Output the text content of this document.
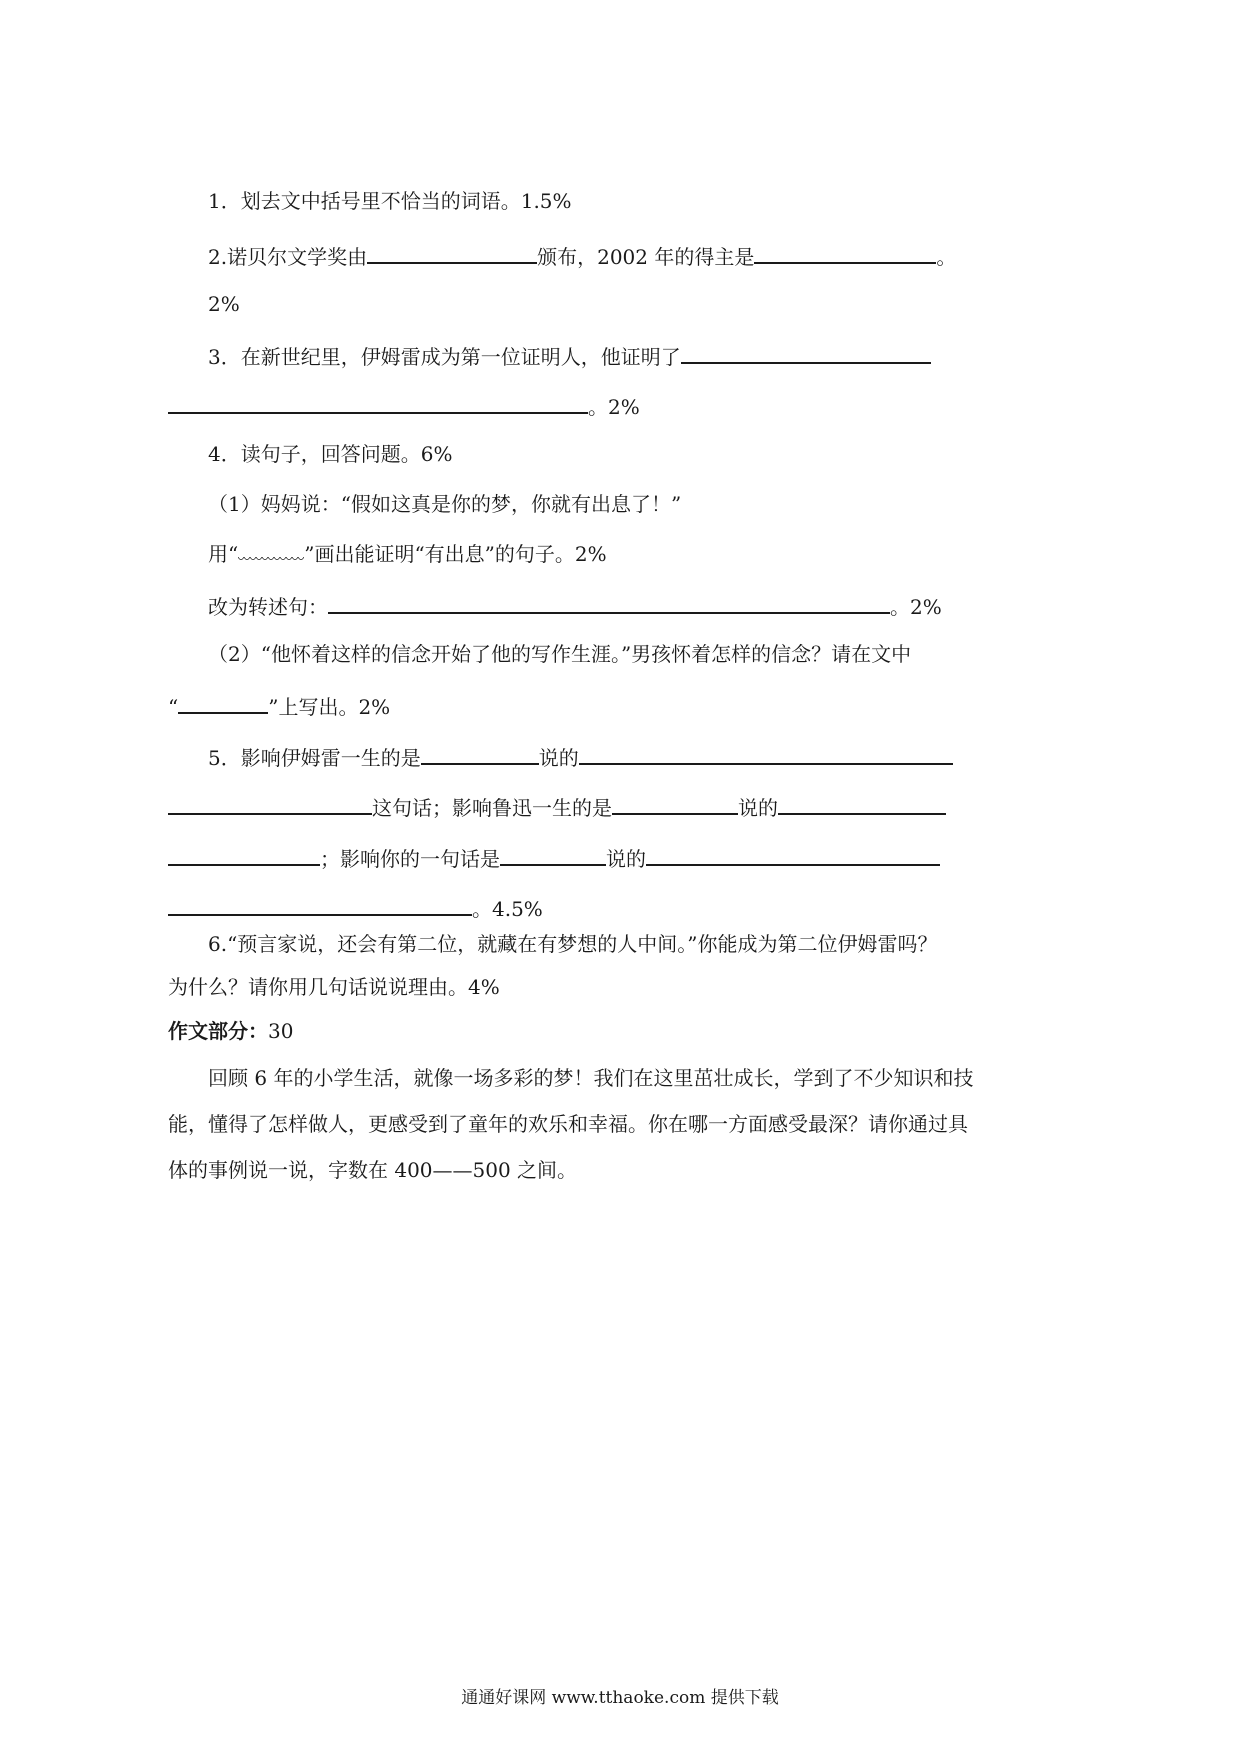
1．划去文中括号里不恰当的词语。1.5%
2.诺贝尔文学奖由	颁布，2002 年的得主是	。
2%
3．在新世纪里，伊姆雷成为第一位证明人，他证明了
。2%
4．读句子，回答问题。6%
（1）妈妈说：“假如这真是你的梦，你就有出息了！”
用“	”画出能证明“有出息”的句子。2%
改为转述句：	。2%
（2）“他怀着这样的信念开始了他的写作生涯。”男孩怀着怎样的信念？请在文中
“	”上写出。2%
5．影响伊姆雷一生的是	说的
这句话；影响鲁迅一生的是	说的
；影响你的一句话是	说的
。4.5%
6.“预言家说，还会有第二位，就藏在有梦想的人中间。”你能成为第二位伊姆雷吗？
为什么？请你用几句话说说理由。4%
作文部分：30
回顾 6 年的小学生活，就像一场多彩的梦！我们在这里茁壮成长，学到了不少知识和技
能，懂得了怎样做人，更感受到了童年的欢乐和幸福。你在哪一方面感受最深？请你通过具
体的事例说一说，字数在 400——500 之间。
通通好课网 www.tthaoke.com 提供下载
